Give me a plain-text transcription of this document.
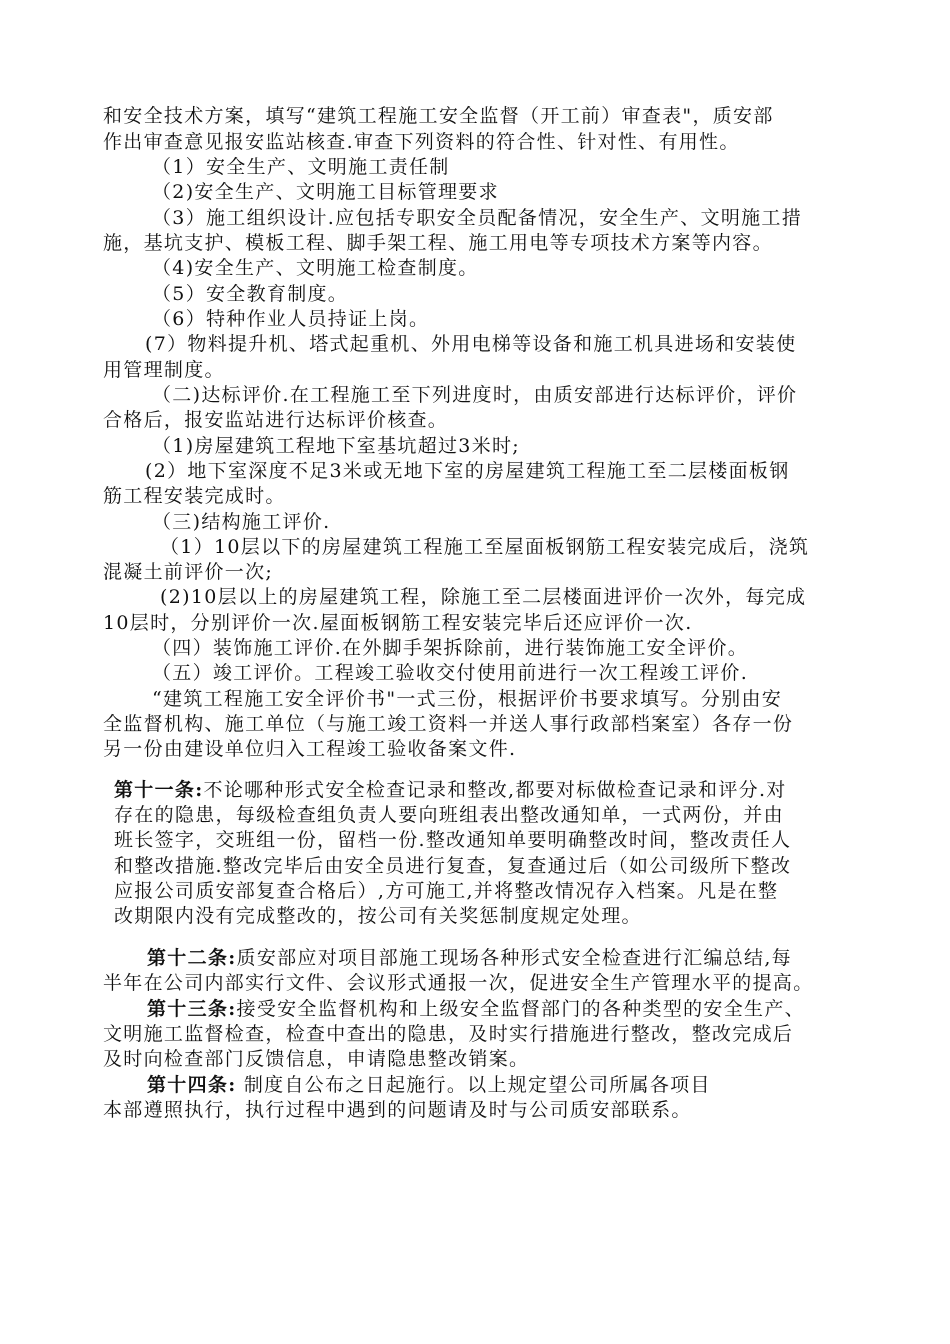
和安全技术方案，填写“建筑工程施工安全监督（开工前）审查表"，质安部
作出审查意见报安监站核查.审查下列资料的符合性、针对性、有用性。
（1）安全生产、文明施工责任制
（2)安全生产、文明施工目标管理要求
（3）施工组织设计.应包括专职安全员配备情况，安全生产、文明施工措
施，基坑支护、模板工程、脚手架工程、施工用电等专项技术方案等内容。
（4)安全生产、文明施工检查制度。
（5）安全教育制度。
（6）特种作业人员持证上岗。
(7）物料提升机、塔式起重机、外用电梯等设备和施工机具进场和安装使
用管理制度。
（二)达标评价.在工程施工至下列进度时，由质安部进行达标评价，评价
合格后，报安监站进行达标评价核查。
（1)房屋建筑工程地下室基坑超过3米时;
(2）地下室深度不足3米或无地下室的房屋建筑工程施工至二层楼面板钢
筋工程安装完成时。
（三)结构施工评价.
（1）10层以下的房屋建筑工程施工至屋面板钢筋工程安装完成后，浇筑
混凝土前评价一次;
(2)10层以上的房屋建筑工程，除施工至二层楼面进评价一次外，每完成
10层时，分别评价一次.屋面板钢筋工程安装完毕后还应评价一次.
（四）装饰施工评价.在外脚手架拆除前，进行装饰施工安全评价。
（五）竣工评价。工程竣工验收交付使用前进行一次工程竣工评价.
“建筑工程施工安全评价书"一式三份，根据评价书要求填写。分别由安
全监督机构、施工单位（与施工竣工资料一并送人事行政部档案室）各存一份
另一份由建设单位归入工程竣工验收备案文件.
第十一条:不论哪种形式安全检查记录和整改,都要对标做检查记录和评分.对
存在的隐患，每级检查组负责人要向班组表出整改通知单，一式两份，并由
班长签字，交班组一份，留档一份.整改通知单要明确整改时间，整改责任人
和整改措施.整改完毕后由安全员进行复查，复查通过后（如公司级所下整改
应报公司质安部复查合格后）,方可施工,并将整改情况存入档案。凡是在整
改期限内没有完成整改的，按公司有关奖惩制度规定处理。
第十二条:质安部应对项目部施工现场各种形式安全检查进行汇编总结,每
半年在公司内部实行文件、会议形式通报一次，促进安全生产管理水平的提高。
第十三条:接受安全监督机构和上级安全监督部门的各种类型的安全生产、
文明施工监督检查，检查中查出的隐患，及时实行措施进行整改，整改完成后
及时向检查部门反馈信息，申请隐患整改销案。
第十四条: 制度自公布之日起施行。以上规定望公司所属各项目
本部遵照执行，执行过程中遇到的问题请及时与公司质安部联系。
